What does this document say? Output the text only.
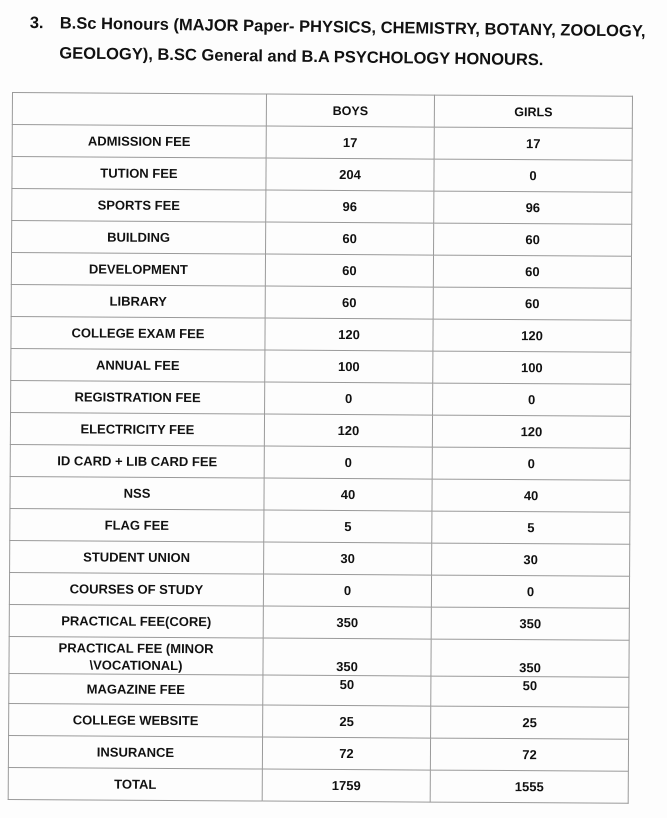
3. B.Sc Honours (MAJOR Paper- PHYSICS, CHEMISTRY, BOTANY, ZOOLOGY,
GEOLOGY), B.SC General and B.A PSYCHOLOGY HONOURS.
	BOYS	GIRLS
ADMISSION FEE	17	17
TUTION FEE	204	0
SPORTS FEE	96	96
BUILDING	60	60
DEVELOPMENT	60	60
LIBRARY	60	60
COLLEGE EXAM FEE	120	120
ANNUAL FEE	100	100
REGISTRATION FEE	0	0
ELECTRICITY FEE	120	120
ID CARD + LIB CARD FEE	0	0
NSS	40	40
FLAG FEE	5	5
STUDENT UNION	30	30
COURSES OF STUDY	0	0
PRACTICAL FEE(CORE)	350	350

PRACTICAL FEE (MINOR
\VOCATIONAL)	350	350
MAGAZINE FEE	50	50
COLLEGE WEBSITE	25	25
INSURANCE	72	72
TOTAL	1759	1555
